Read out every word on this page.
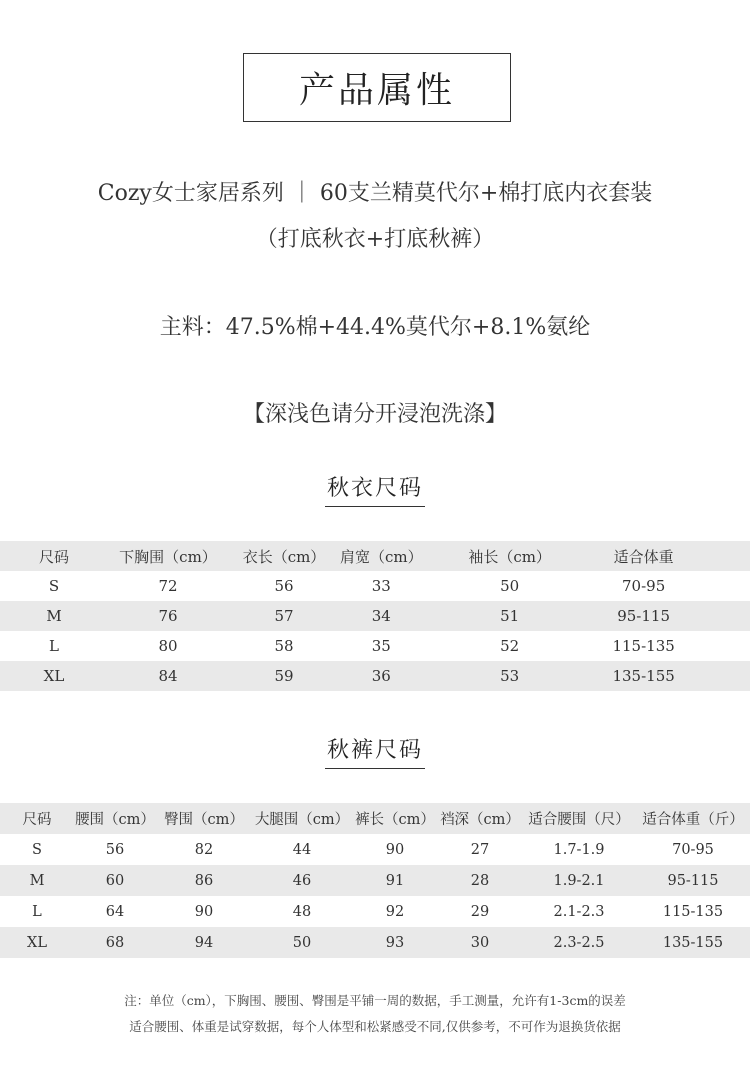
产品属性
Cozy女士家居系列 ｜ 60支兰精莫代尔+棉打底内衣套装
（打底秋衣+打底秋裤）
主料：47.5%棉+44.4%莫代尔+8.1%氨纶
【深浅色请分开浸泡洗涤】
秋衣尺码
尺码	下胸围（cm）	衣长（cm）	肩宽（cm）	袖长（cm）	适合体重	
S	72	56	33	50	70-95	
M	76	57	34	51	95-115	
L	80	58	35	52	115-135	
XL	84	59	36	53	135-155	
秋裤尺码
尺码	腰围（cm）	臀围（cm）	大腿围（cm）	裤长（cm）	裆深（cm）	适合腰围（尺）	适合体重（斤）
S	56	82	44	90	27	1.7-1.9	70-95
M	60	86	46	91	28	1.9-2.1	95-115
L	64	90	48	92	29	2.1-2.3	115-135
XL	68	94	50	93	30	2.3-2.5	135-155
注：单位（cm），下胸围、腰围、臀围是平铺一周的数据，手工测量，允许有1-3cm的误差
适合腰围、体重是试穿数据，每个人体型和松紧感受不同,仅供参考，不可作为退换货依据
